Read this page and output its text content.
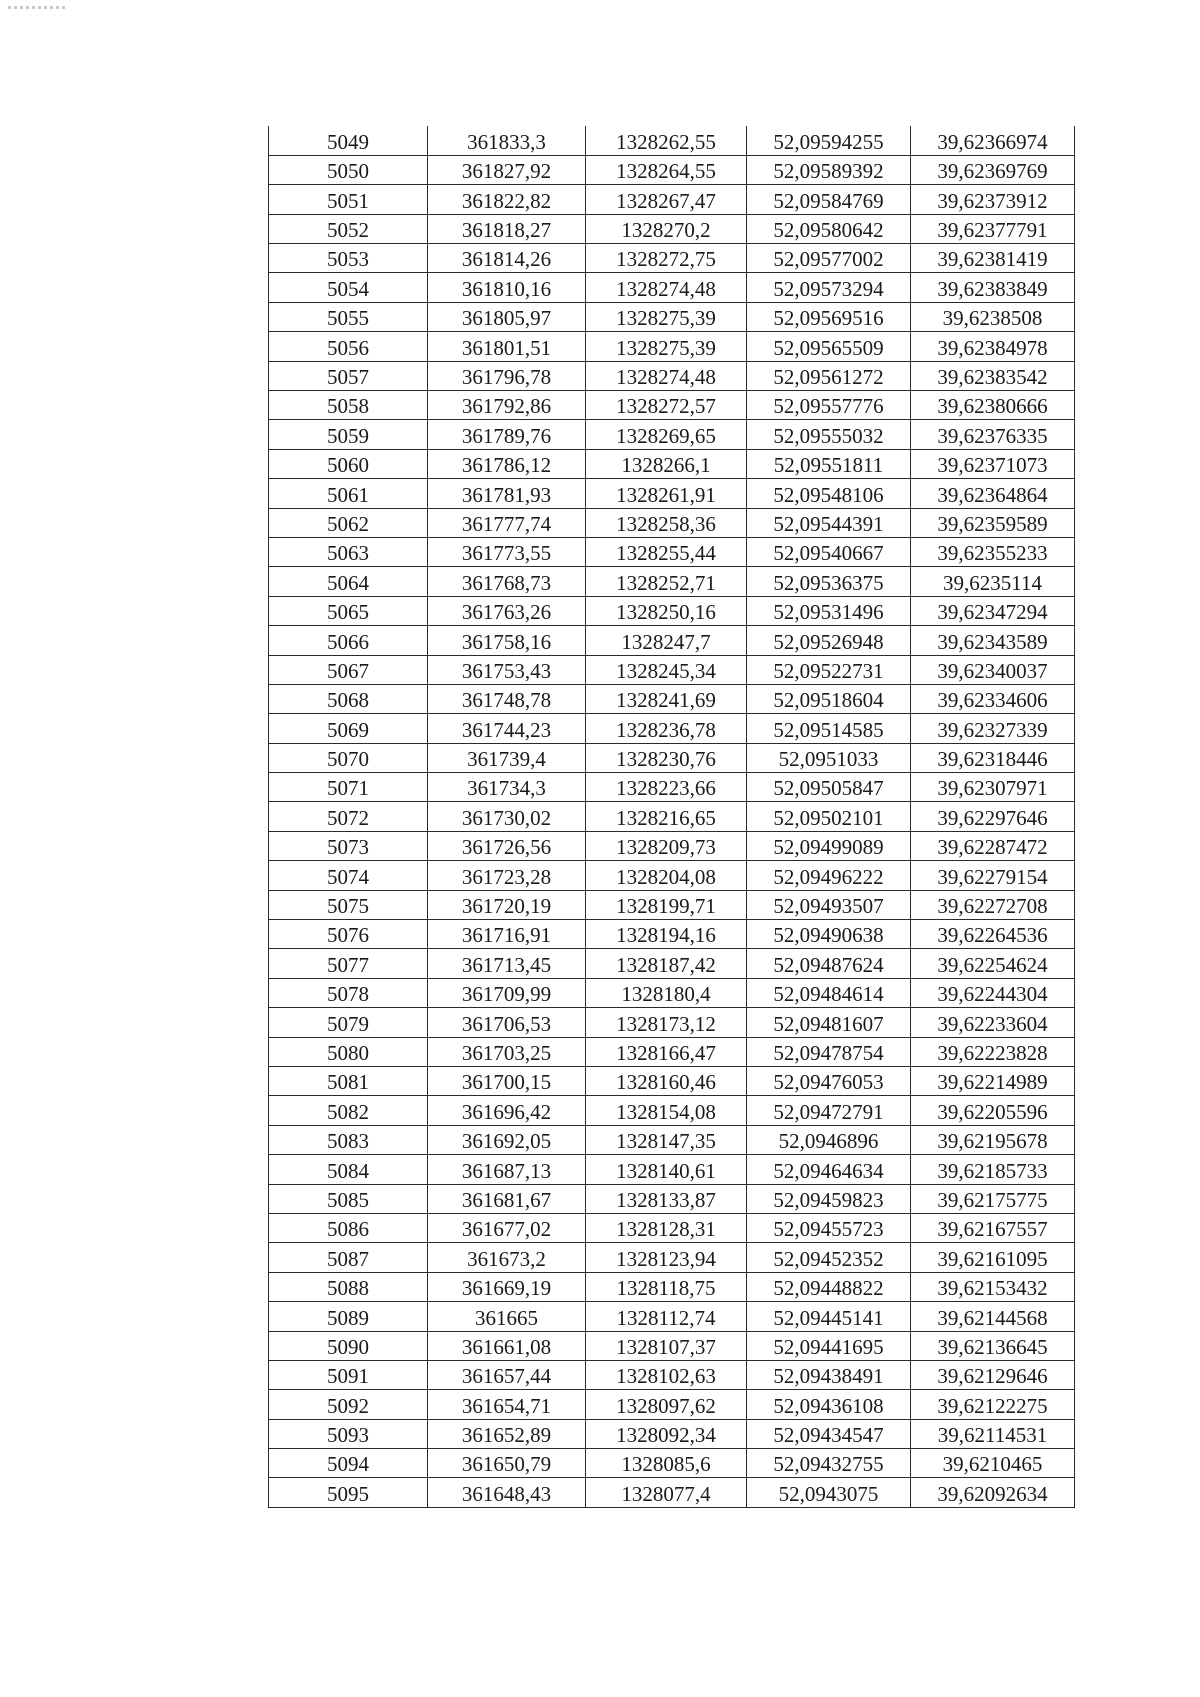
5049	361833,3	1328262,55	52,09594255	39,62366974
5050	361827,92	1328264,55	52,09589392	39,62369769
5051	361822,82	1328267,47	52,09584769	39,62373912
5052	361818,27	1328270,2	52,09580642	39,62377791
5053	361814,26	1328272,75	52,09577002	39,62381419
5054	361810,16	1328274,48	52,09573294	39,62383849
5055	361805,97	1328275,39	52,09569516	39,6238508
5056	361801,51	1328275,39	52,09565509	39,62384978
5057	361796,78	1328274,48	52,09561272	39,62383542
5058	361792,86	1328272,57	52,09557776	39,62380666
5059	361789,76	1328269,65	52,09555032	39,62376335
5060	361786,12	1328266,1	52,09551811	39,62371073
5061	361781,93	1328261,91	52,09548106	39,62364864
5062	361777,74	1328258,36	52,09544391	39,62359589
5063	361773,55	1328255,44	52,09540667	39,62355233
5064	361768,73	1328252,71	52,09536375	39,6235114
5065	361763,26	1328250,16	52,09531496	39,62347294
5066	361758,16	1328247,7	52,09526948	39,62343589
5067	361753,43	1328245,34	52,09522731	39,62340037
5068	361748,78	1328241,69	52,09518604	39,62334606
5069	361744,23	1328236,78	52,09514585	39,62327339
5070	361739,4	1328230,76	52,0951033	39,62318446
5071	361734,3	1328223,66	52,09505847	39,62307971
5072	361730,02	1328216,65	52,09502101	39,62297646
5073	361726,56	1328209,73	52,09499089	39,62287472
5074	361723,28	1328204,08	52,09496222	39,62279154
5075	361720,19	1328199,71	52,09493507	39,62272708
5076	361716,91	1328194,16	52,09490638	39,62264536
5077	361713,45	1328187,42	52,09487624	39,62254624
5078	361709,99	1328180,4	52,09484614	39,62244304
5079	361706,53	1328173,12	52,09481607	39,62233604
5080	361703,25	1328166,47	52,09478754	39,62223828
5081	361700,15	1328160,46	52,09476053	39,62214989
5082	361696,42	1328154,08	52,09472791	39,62205596
5083	361692,05	1328147,35	52,0946896	39,62195678
5084	361687,13	1328140,61	52,09464634	39,62185733
5085	361681,67	1328133,87	52,09459823	39,62175775
5086	361677,02	1328128,31	52,09455723	39,62167557
5087	361673,2	1328123,94	52,09452352	39,62161095
5088	361669,19	1328118,75	52,09448822	39,62153432
5089	361665	1328112,74	52,09445141	39,62144568
5090	361661,08	1328107,37	52,09441695	39,62136645
5091	361657,44	1328102,63	52,09438491	39,62129646
5092	361654,71	1328097,62	52,09436108	39,62122275
5093	361652,89	1328092,34	52,09434547	39,62114531
5094	361650,79	1328085,6	52,09432755	39,6210465
5095	361648,43	1328077,4	52,0943075	39,62092634
